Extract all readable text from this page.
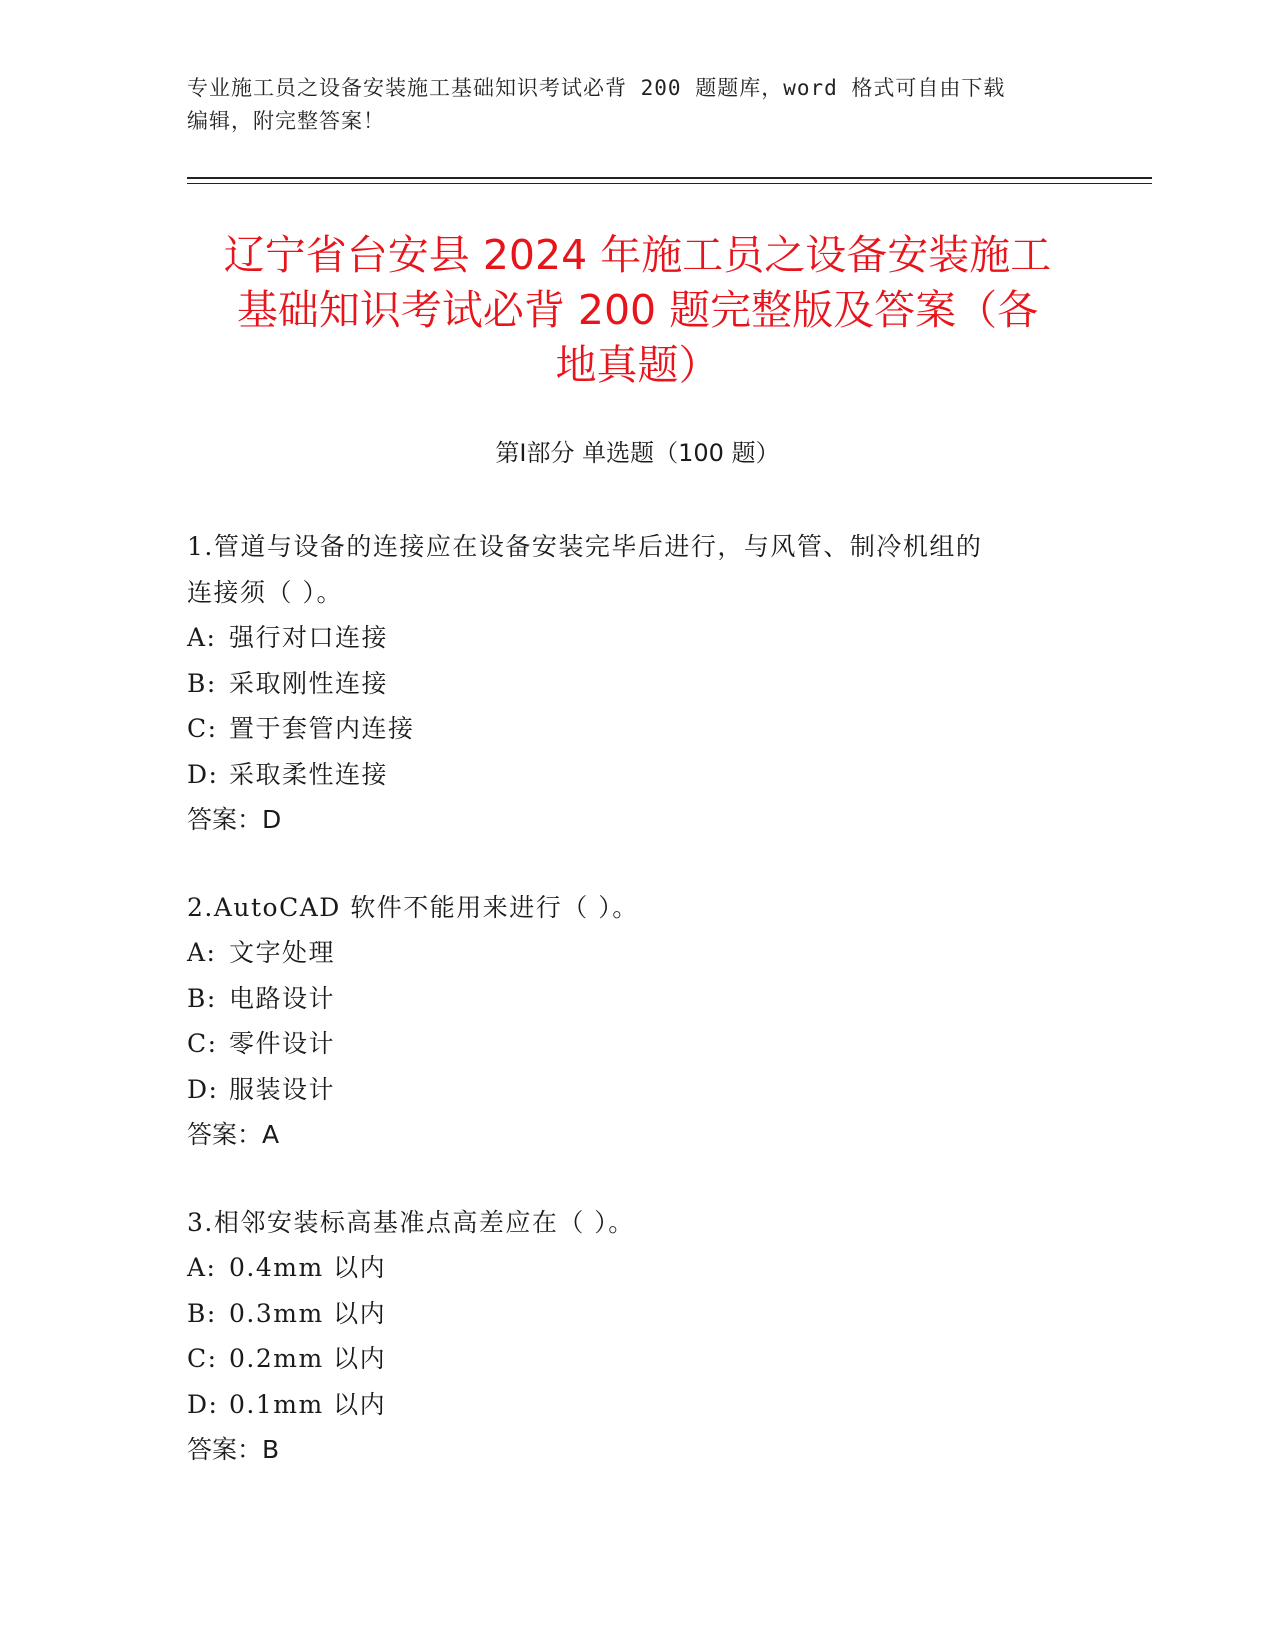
专业施工员之设备安装施工基础知识考试必背 200 题题库，word 格式可自由下载
编辑，附完整答案！
辽宁省台安县 2024 年施工员之设备安装施工
基础知识考试必背 200 题完整版及答案（各
地真题）
第Ⅰ部分 单选题（100 题）
1.管道与设备的连接应在设备安装完毕后进行，与风管、制冷机组的
连接须（ ）。
A: 强行对口连接
B: 采取刚性连接
C: 置于套管内连接
D: 采取柔性连接
答案：D
2.AutoCAD 软件不能用来进行（ ）。
A: 文字处理
B: 电路设计
C: 零件设计
D: 服装设计
答案：A
3.相邻安装标高基准点高差应在（ ）。
A: 0.4mm 以内
B: 0.3mm 以内
C: 0.2mm 以内
D: 0.1mm 以内
答案：B
